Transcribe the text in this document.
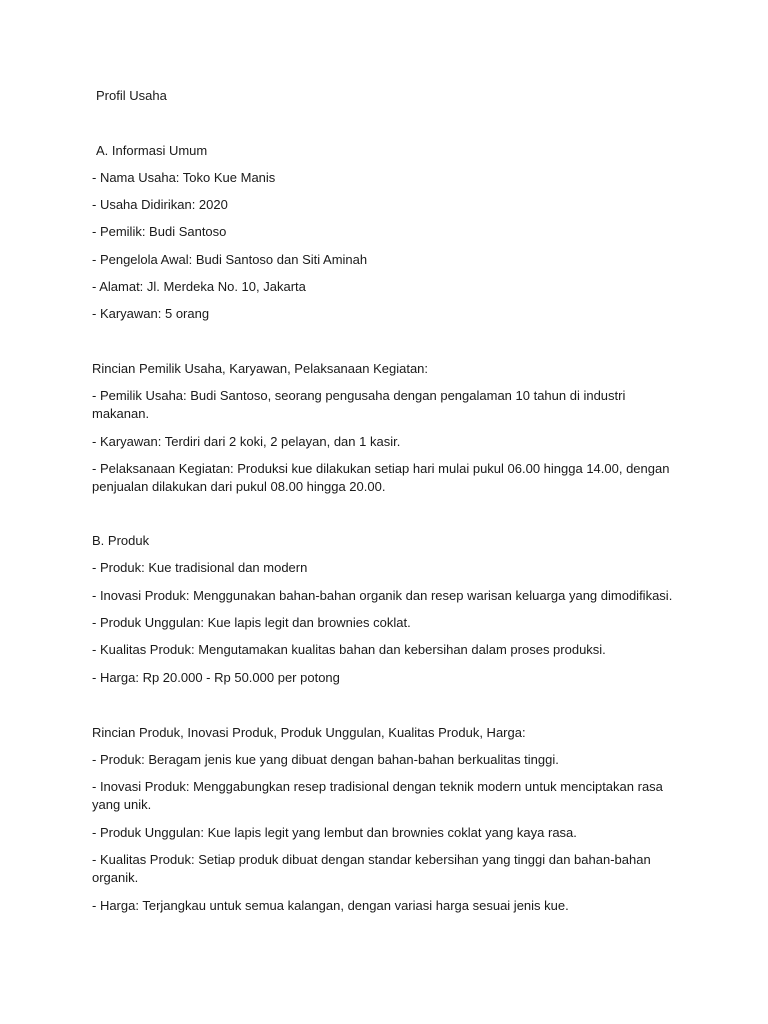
Profil Usaha
A. Informasi Umum
- Nama Usaha: Toko Kue Manis
- Usaha Didirikan: 2020
- Pemilik: Budi Santoso
- Pengelola Awal: Budi Santoso dan Siti Aminah
- Alamat: Jl. Merdeka No. 10, Jakarta
- Karyawan: 5 orang
Rincian Pemilik Usaha, Karyawan, Pelaksanaan Kegiatan:
- Pemilik Usaha: Budi Santoso, seorang pengusaha dengan pengalaman 10 tahun di industri makanan.
- Karyawan: Terdiri dari 2 koki, 2 pelayan, dan 1 kasir.
- Pelaksanaan Kegiatan: Produksi kue dilakukan setiap hari mulai pukul 06.00 hingga 14.00, dengan penjualan dilakukan dari pukul 08.00 hingga 20.00.
B. Produk
- Produk: Kue tradisional dan modern
- Inovasi Produk: Menggunakan bahan-bahan organik dan resep warisan keluarga yang dimodifikasi.
- Produk Unggulan: Kue lapis legit dan brownies coklat.
- Kualitas Produk: Mengutamakan kualitas bahan dan kebersihan dalam proses produksi.
- Harga: Rp 20.000 - Rp 50.000 per potong
Rincian Produk, Inovasi Produk, Produk Unggulan, Kualitas Produk, Harga:
- Produk: Beragam jenis kue yang dibuat dengan bahan-bahan berkualitas tinggi.
- Inovasi Produk: Menggabungkan resep tradisional dengan teknik modern untuk menciptakan rasa yang unik.
- Produk Unggulan: Kue lapis legit yang lembut dan brownies coklat yang kaya rasa.
- Kualitas Produk: Setiap produk dibuat dengan standar kebersihan yang tinggi dan bahan-bahan organik.
- Harga: Terjangkau untuk semua kalangan, dengan variasi harga sesuai jenis kue.
